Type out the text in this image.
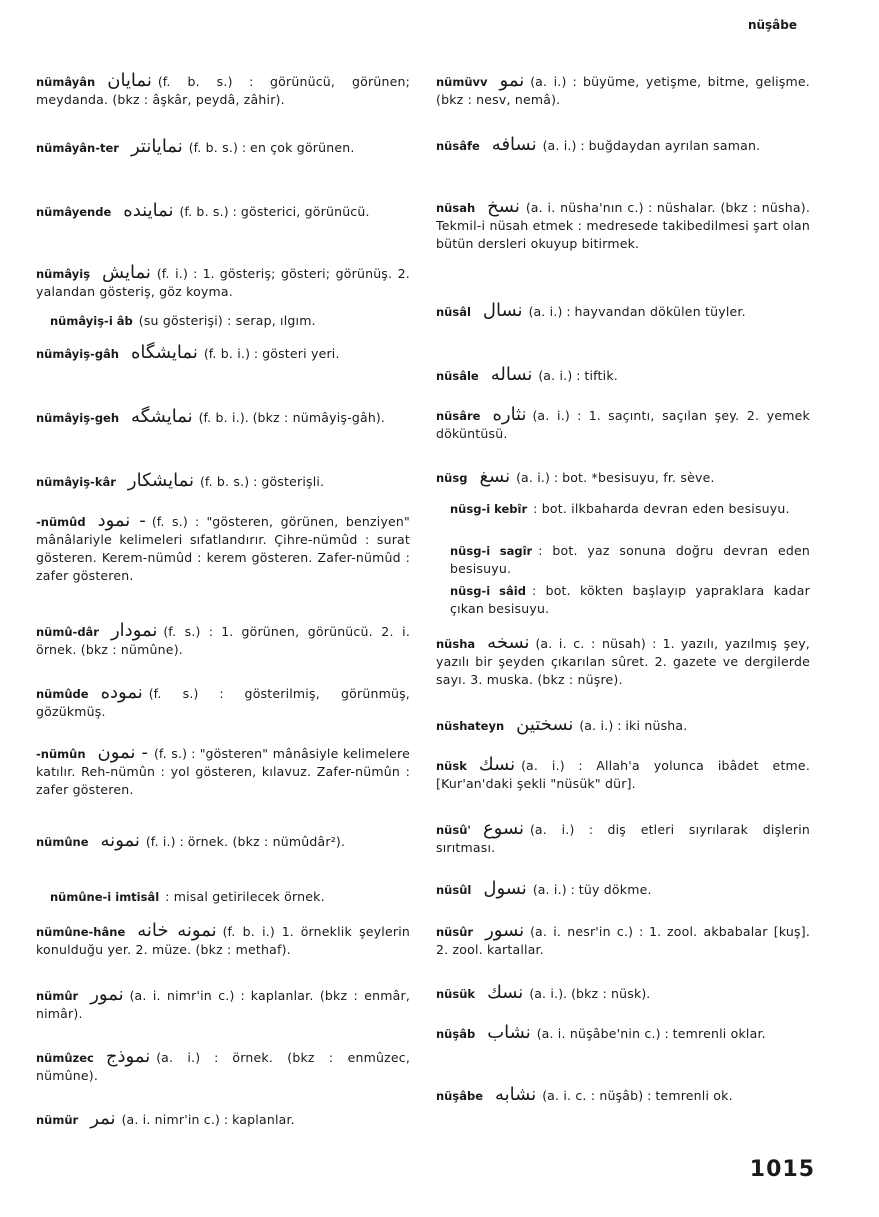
nüşâbe
nümâyân نمايان (f. b. s.) : görünücü, görünen; meydanda. (bkz : âşkâr, peydâ, zâhir).
nümâyân-ter نمايانتر (f. b. s.) : en çok görünen.
nümâyende نماينده (f. b. s.) : gösterici, görünücü.
nümâyiş نمايش (f. i.) : 1. gösteriş; gösteri; görünüş. 2. yalandan gösteriş, göz koyma.
nümâyiş-i âb (su gösterişi) : serap, ılgım.
nümâyiş-gâh نمايشگاه (f. b. i.) : gösteri yeri.
nümâyiş-geh نمايشگه (f. b. i.). (bkz : nümâyiş-gâh).
nümâyiş-kâr نمايشكار (f. b. s.) : gösterişli.
-nümûd نمود - (f. s.) : "gösteren, görünen, benziyen" mânâlariyle kelimeleri sıfatlandırır. Çihre-nümûd : surat gösteren. Kerem-nümûd : kerem gösteren. Zafer-nümûd : zafer gösteren.
nümû-dâr نمودار (f. s.) : 1. görünen, görünücü. 2. i. örnek. (bkz : nümûne).
nümûde نموده (f. s.) : gösterilmiş, görünmüş, gözükmüş.
-nümûn نمون - (f. s.) : "gösteren" mânâsiyle kelimelere katılır. Reh-nümûn : yol gösteren, kılavuz. Zafer-nümûn : zafer gösteren.
nümûne نمونه (f. i.) : örnek. (bkz : nümûdâr²).
nümûne-i imtisâl : misal getirilecek örnek.
nümûne-hâne نمونه خانه (f. b. i.) 1. örneklik şeylerin konulduğu yer. 2. müze. (bkz : methaf).
nümûr نمور (a. i. nimr'in c.) : kaplanlar. (bkz : enmâr, nimâr).
nümûzec نموذج (a. i.) : örnek. (bkz : enmûzec, nümûne).
nümür نمر (a. i. nimr'in c.) : kaplanlar.
nümüvv نمو (a. i.) : büyüme, yetişme, bitme, gelişme. (bkz : nesv, nemâ).
nüsâfe نسافه (a. i.) : buğdaydan ayrılan saman.
nüsah نسخ (a. i. nüsha'nın c.) : nüshalar. (bkz : nüsha). Tekmil-i nüsah etmek : medresede takibedilmesi şart olan bütün dersleri okuyup bitirmek.
nüsâl نسال (a. i.) : hayvandan dökülen tüyler.
nüsâle نساله (a. i.) : tiftik.
nüsâre نثاره (a. i.) : 1. saçıntı, saçılan şey. 2. yemek döküntüsü.
nüsg نسغ (a. i.) : bot. *besisuyu, fr. sève.
nüsg-i kebîr : bot. ilkbaharda devran eden besisuyu.
nüsg-i sagîr : bot. yaz sonuna doğru devran eden besisuyu.
nüsg-i sâid : bot. kökten başlayıp yapraklara kadar çıkan besisuyu.
nüsha نسخه (a. i. c. : nüsah) : 1. yazılı, yazılmış şey, yazılı bir şeyden çıkarılan sûret. 2. gazete ve dergilerde sayı. 3. muska. (bkz : nüşre).
nüshateyn نسختين (a. i.) : iki nüsha.
nüsk نسك (a. i.) : Allah'a yolunca ibâdet etme. [Kur'an'daki şekli "nüsük" dür].
nüsû' نسوع (a. i.) : diş etleri sıyrılarak dişlerin sırıtması.
nüsûl نسول (a. i.) : tüy dökme.
nüsûr نسور (a. i. nesr'in c.) : 1. zool. akbabalar [kuş]. 2. zool. kartallar.
nüsük نسك (a. i.). (bkz : nüsk).
nüşâb نشاب (a. i. nüşâbe'nin c.) : temrenli oklar.
nüşâbe نشابه (a. i. c. : nüşâb) : temrenli ok.
1015
